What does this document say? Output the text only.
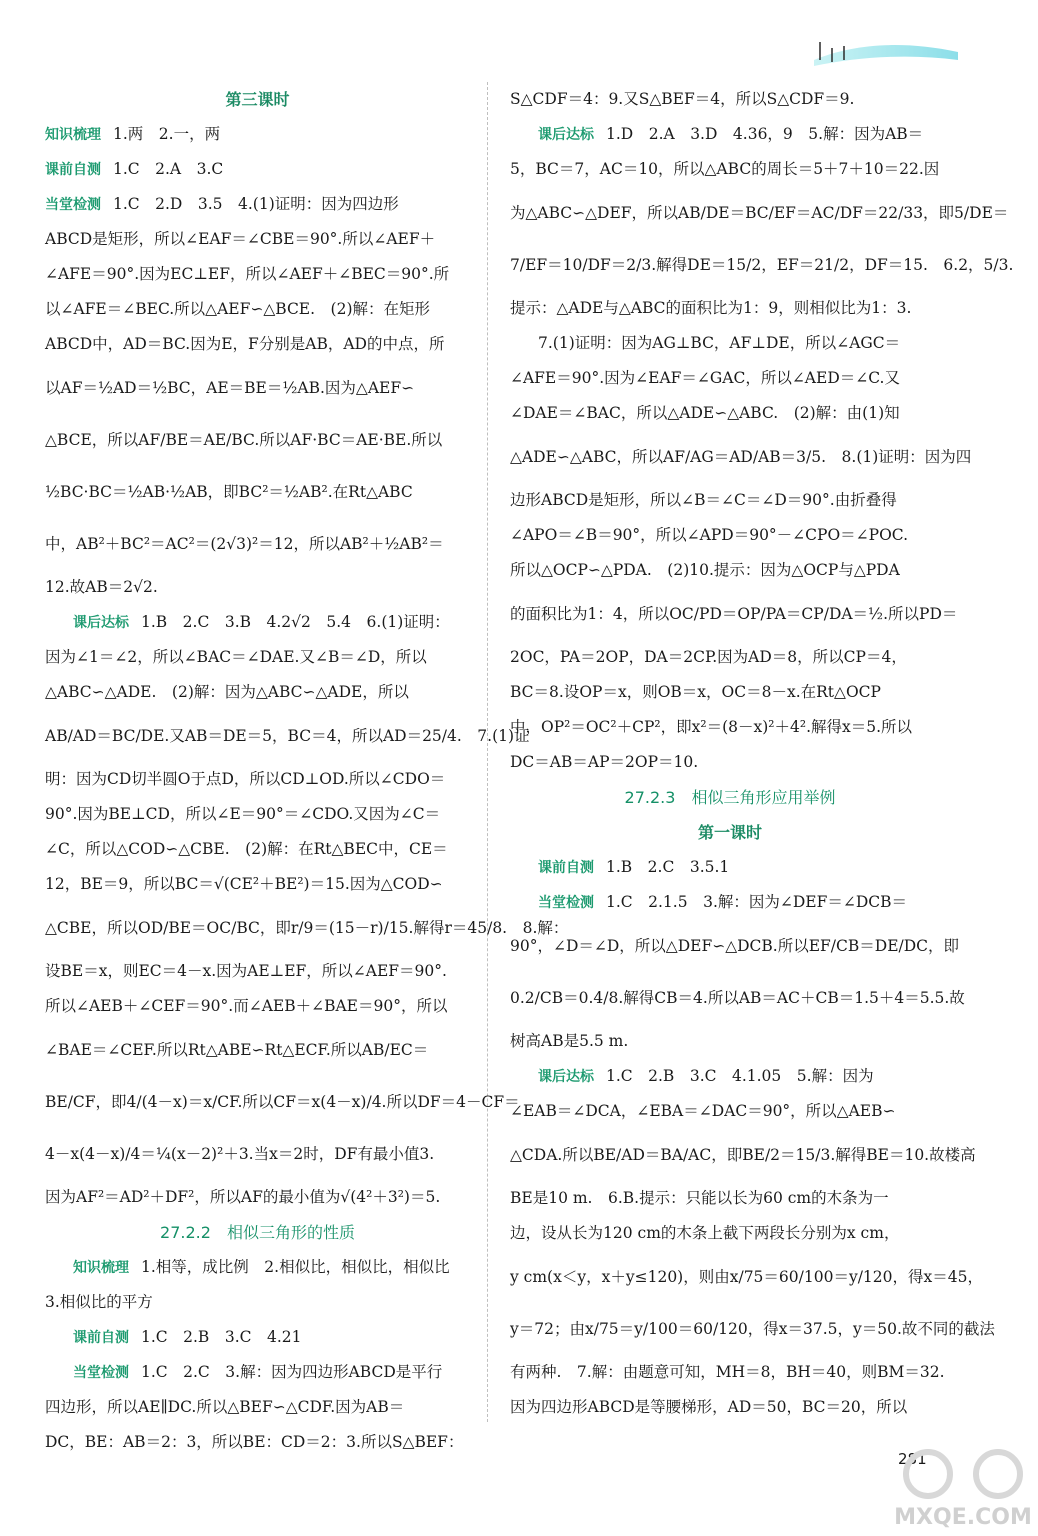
第三课时
知识梳理 1.两　2.一，两
课前自测 1.C　2.A　3.C
当堂检测 1.C　2.D　3.5　4.(1)证明：因为四边形
ABCD是矩形，所以∠EAF＝∠CBE＝90°.所以∠AEF＋
∠AFE＝90°.因为EC⊥EF，所以∠AEF＋∠BEC＝90°.所
以∠AFE＝∠BEC.所以△AEF∽△BCE.　(2)解：在矩形
ABCD中，AD＝BC.因为E，F分别是AB，AD的中点，所
以AF＝½AD＝½BC，AE＝BE＝½AB.因为△AEF∽
△BCE，所以AF/BE＝AE/BC.所以AF·BC＝AE·BE.所以
½BC·BC＝½AB·½AB，即BC²＝½AB².在Rt△ABC
中，AB²＋BC²＝AC²＝(2√3)²＝12，所以AB²＋½AB²＝
12.故AB＝2√2.
课后达标 1.B　2.C　3.B　4.2√2　5.4　6.(1)证明：
因为∠1＝∠2，所以∠BAC＝∠DAE.又∠B＝∠D，所以
△ABC∽△ADE.　(2)解：因为△ABC∽△ADE，所以
AB/AD＝BC/DE.又AB＝DE＝5，BC＝4，所以AD＝25/4.　7.(1)证
明：因为CD切半圆O于点D，所以CD⊥OD.所以∠CDO＝
90°.因为BE⊥CD，所以∠E＝90°＝∠CDO.又因为∠C＝
∠C，所以△COD∽△CBE.　(2)解：在Rt△BEC中，CE＝
12，BE＝9，所以BC＝√(CE²＋BE²)＝15.因为△COD∽
△CBE，所以OD/BE＝OC/BC，即r/9＝(15－r)/15.解得r＝45/8.　8.解：
设BE＝x，则EC＝4－x.因为AE⊥EF，所以∠AEF＝90°.
所以∠AEB＋∠CEF＝90°.而∠AEB＋∠BAE＝90°，所以
∠BAE＝∠CEF.所以Rt△ABE∽Rt△ECF.所以AB/EC＝
BE/CF，即4/(4－x)＝x/CF.所以CF＝x(4－x)/4.所以DF＝4－CF＝
4－x(4－x)/4＝¼(x－2)²＋3.当x＝2时，DF有最小值3.
因为AF²＝AD²＋DF²，所以AF的最小值为√(4²＋3²)＝5.
27.2.2　相似三角形的性质
知识梳理 1.相等，成比例　2.相似比，相似比，相似比
3.相似比的平方
课前自测 1.C　2.B　3.C　4.21
当堂检测 1.C　2.C　3.解：因为四边形ABCD是平行
四边形，所以AE∥DC.所以△BEF∽△CDF.因为AB＝
DC，BE：AB＝2：3，所以BE：CD＝2：3.所以S△BEF：
S△CDF＝4：9.又S△BEF＝4，所以S△CDF＝9.
课后达标 1.D　2.A　3.D　4.36，9　5.解：因为AB＝
5，BC＝7，AC＝10，所以△ABC的周长＝5＋7＋10＝22.因
为△ABC∽△DEF，所以AB/DE＝BC/EF＝AC/DF＝22/33，即5/DE＝
7/EF＝10/DF＝2/3.解得DE＝15/2，EF＝21/2，DF＝15.　6.2，5/3.
提示：△ADE与△ABC的面积比为1：9，则相似比为1：3.
7.(1)证明：因为AG⊥BC，AF⊥DE，所以∠AGC＝
∠AFE＝90°.因为∠EAF＝∠GAC，所以∠AED＝∠C.又
∠DAE＝∠BAC，所以△ADE∽△ABC.　(2)解：由(1)知
△ADE∽△ABC，所以AF/AG＝AD/AB＝3/5.　8.(1)证明：因为四
边形ABCD是矩形，所以∠B＝∠C＝∠D＝90°.由折叠得
∠APO＝∠B＝90°，所以∠APD＝90°－∠CPO＝∠POC.
所以△OCP∽△PDA.　(2)10.提示：因为△OCP与△PDA
的面积比为1：4，所以OC/PD＝OP/PA＝CP/DA＝½.所以PD＝
2OC，PA＝2OP，DA＝2CP.因为AD＝8，所以CP＝4，
BC＝8.设OP＝x，则OB＝x，OC＝8－x.在Rt△OCP
中，OP²＝OC²＋CP²，即x²＝(8－x)²＋4².解得x＝5.所以
DC＝AB＝AP＝2OP＝10.
27.2.3　相似三角形应用举例
第一课时
课前自测 1.B　2.C　3.5.1
当堂检测 1.C　2.1.5　3.解：因为∠DEF＝∠DCB＝
90°，∠D＝∠D，所以△DEF∽△DCB.所以EF/CB＝DE/DC，即
0.2/CB＝0.4/8.解得CB＝4.所以AB＝AC＋CB＝1.5＋4＝5.5.故
树高AB是5.5 m.
课后达标 1.C　2.B　3.C　4.1.05　5.解：因为
∠EAB＝∠DCA，∠EBA＝∠DAC＝90°，所以△AEB∽
△CDA.所以BE/AD＝BA/AC，即BE/2＝15/3.解得BE＝10.故楼高
BE是10 m.　6.B.提示：只能以长为60 cm的木条为一
边，设从长为120 cm的木条上截下两段长分别为x cm，
y cm(x＜y，x＋y≤120)，则由x/75＝60/100＝y/120，得x＝45，
y＝72；由x/75＝y/100＝60/120，得x＝37.5，y＝50.故不同的截法
有两种.　7.解：由题意可知，MH＝8，BH＝40，则BM＝32.
因为四边形ABCD是等腰梯形，AD＝50，BC＝20，所以
281
MXQE.COM
